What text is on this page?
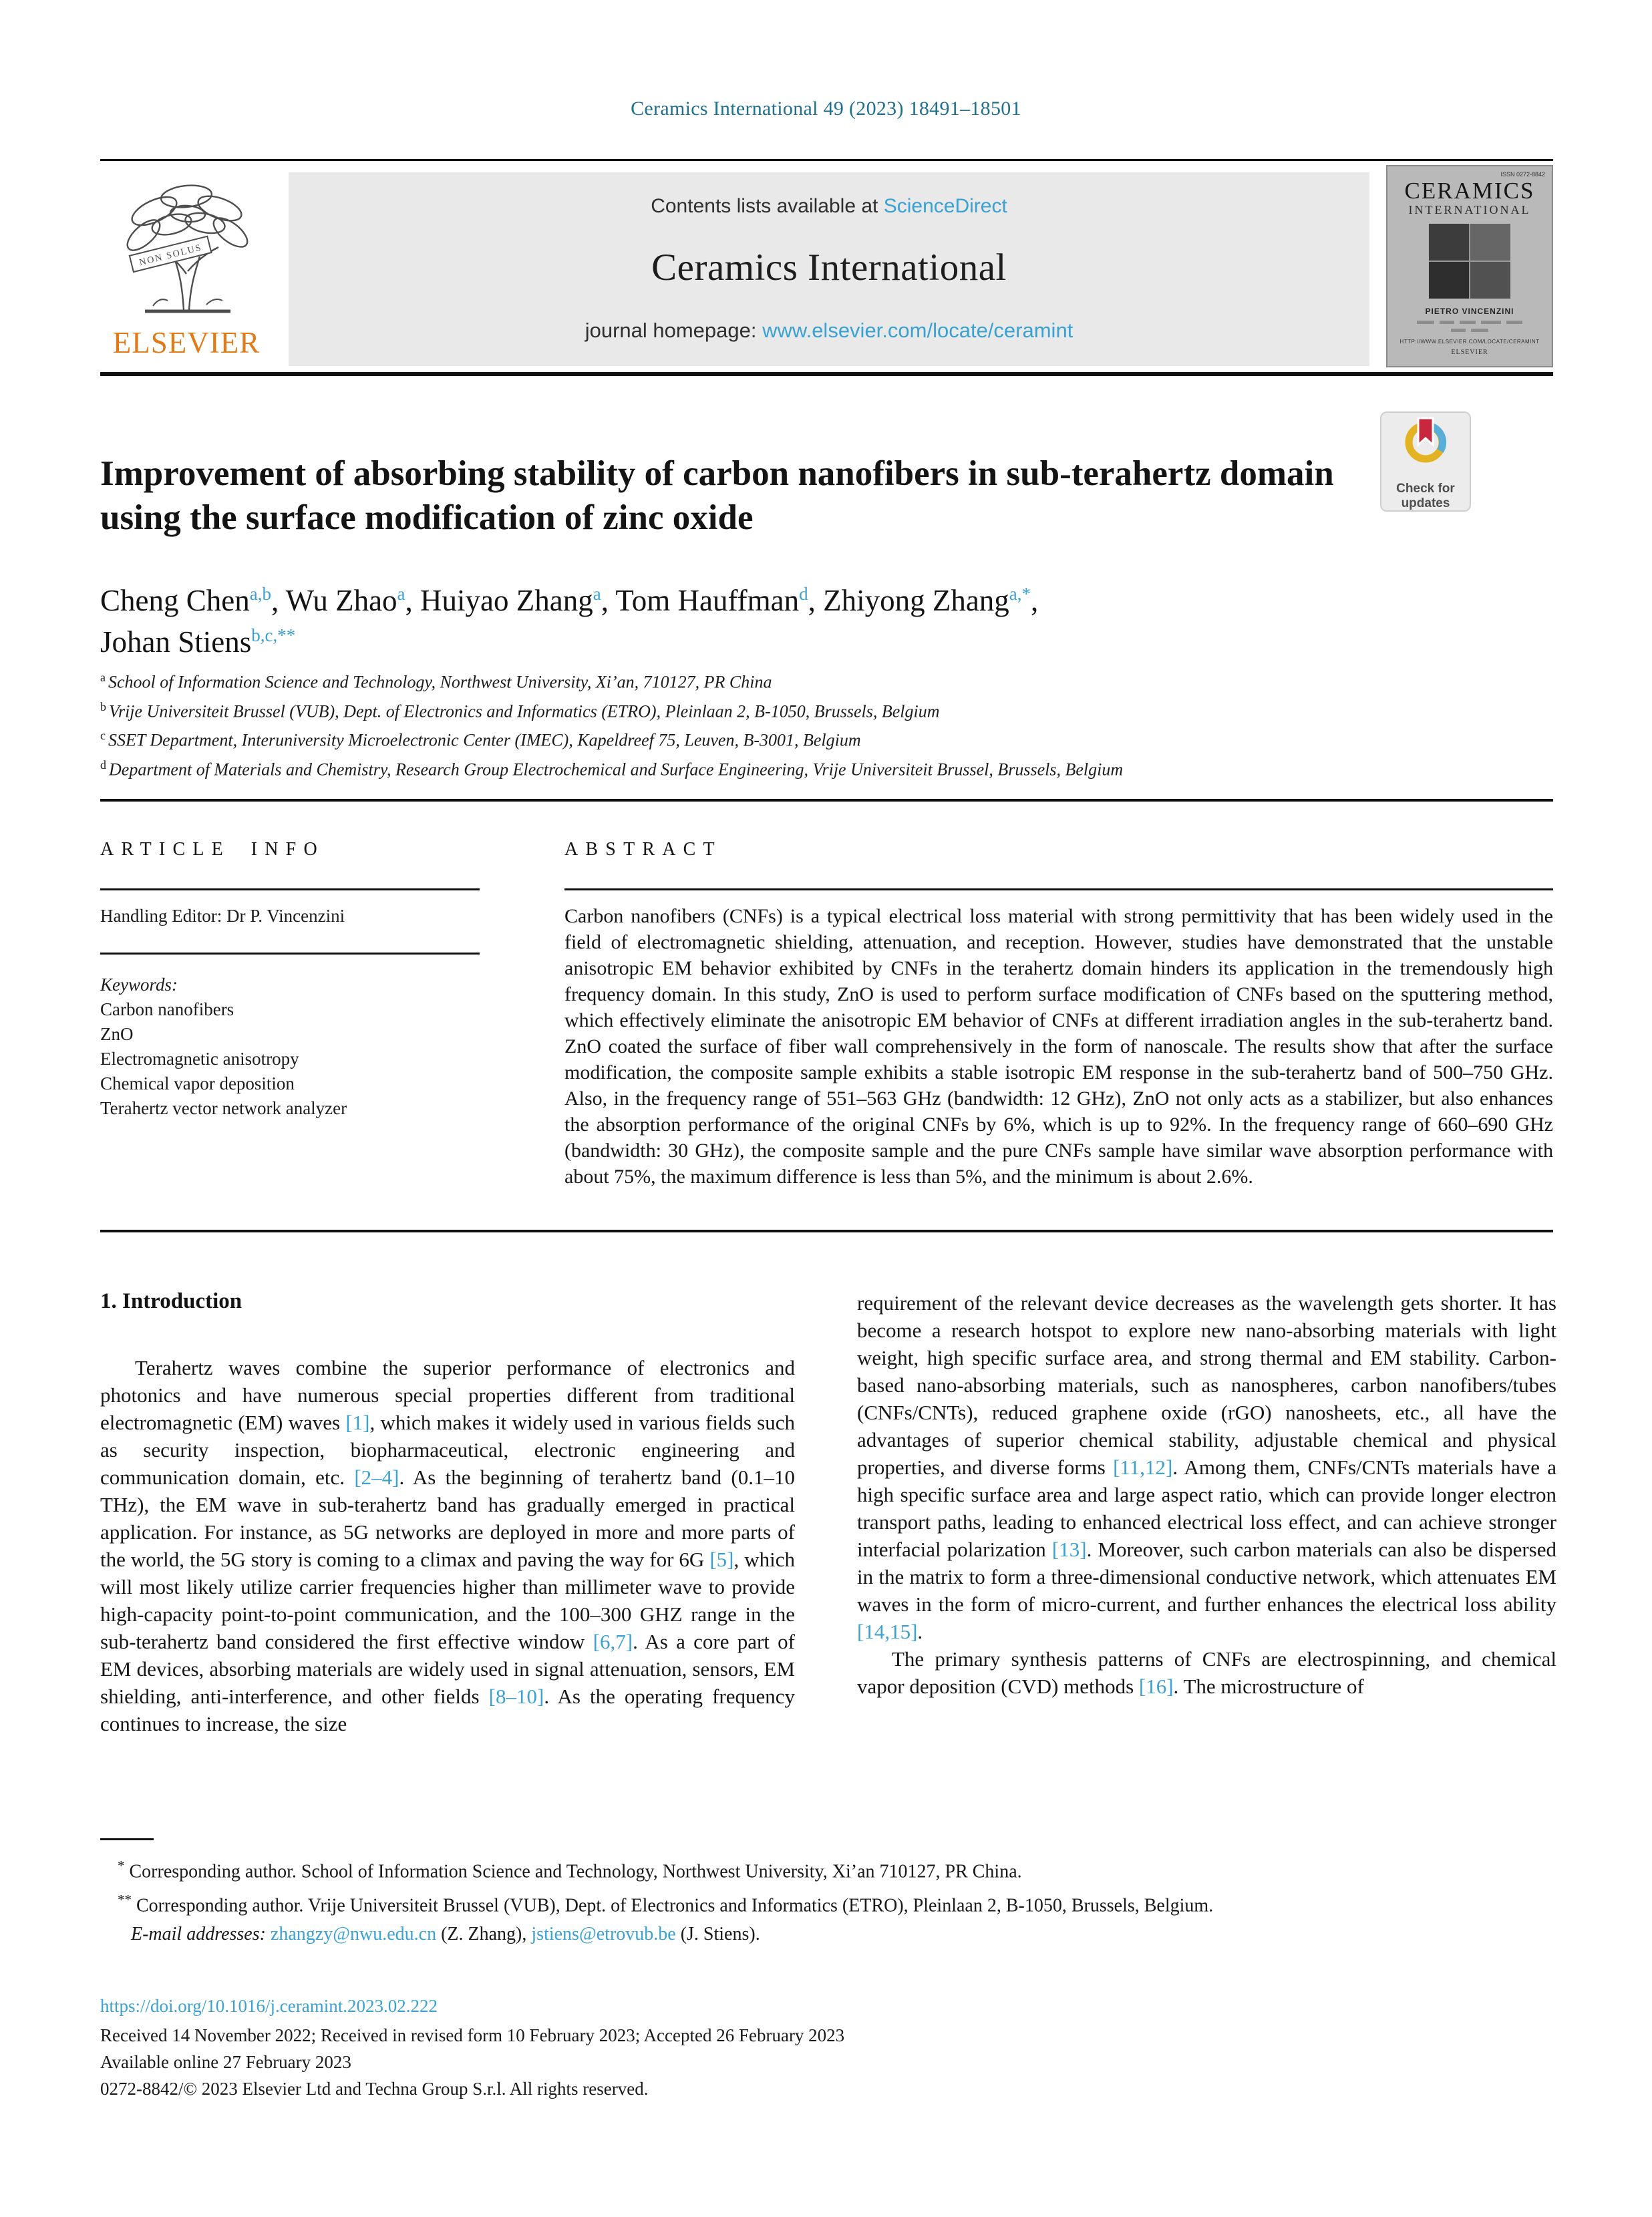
Ceramics International 49 (2023) 18491–18501
NON SOLUS
ELSEVIER
Contents lists available at ScienceDirect
Ceramics International
journal homepage: www.elsevier.com/locate/ceramint
ISSN 0272-8842
CERAMICS
INTERNATIONAL
PIETRO VINCENZINI
HTTP://WWW.ELSEVIER.COM/LOCATE/CERAMINT
ELSEVIER
Improvement of absorbing stability of carbon nanofibers in sub-terahertz domain using the surface modification of zinc oxide
Check for
updates
Cheng Chen$^{a,b}$, Wu Zhao$^a$, Huiyao Zhang$^a$, Tom Hauffman$^d$, Zhiyong Zhang$^{a,*}$,
Johan Stiens$^{b,c,**}$
$^a$ School of Information Science and Technology, Northwest University, Xi’an, 710127, PR China
$^b$ Vrije Universiteit Brussel (VUB), Dept. of Electronics and Informatics (ETRO), Pleinlaan 2, B-1050, Brussels, Belgium
$^c$ SSET Department, Interuniversity Microelectronic Center (IMEC), Kapeldreef 75, Leuven, B-3001, Belgium
$^d$ Department of Materials and Chemistry, Research Group Electrochemical and Surface Engineering, Vrije Universiteit Brussel, Brussels, Belgium
ARTICLE INFO
Handling Editor: Dr P. Vincenzini
Keywords:
Carbon nanofibers
ZnO
Electromagnetic anisotropy
Chemical vapor deposition
Terahertz vector network analyzer
ABSTRACT
Carbon nanofibers (CNFs) is a typical electrical loss material with strong permittivity that has been widely used in the field of electromagnetic shielding, attenuation, and reception. However, studies have demonstrated that the unstable anisotropic EM behavior exhibited by CNFs in the terahertz domain hinders its application in the tremendously high frequency domain. In this study, ZnO is used to perform surface modification of CNFs based on the sputtering method, which effectively eliminate the anisotropic EM behavior of CNFs at different irradiation angles in the sub-terahertz band. ZnO coated the surface of fiber wall comprehensively in the form of nanoscale. The results show that after the surface modification, the composite sample exhibits a stable isotropic EM response in the sub-terahertz band of 500–750 GHz. Also, in the frequency range of 551–563 GHz (bandwidth: 12 GHz), ZnO not only acts as a stabilizer, but also enhances the absorption performance of the original CNFs by 6%, which is up to 92%. In the frequency range of 660–690 GHz (bandwidth: 30 GHz), the composite sample and the pure CNFs sample have similar wave absorption performance with about 75%, the maximum difference is less than 5%, and the minimum is about 2.6%.
1. Introduction

Terahertz waves combine the superior performance of electronics and photonics and have numerous special properties different from traditional electromagnetic (EM) waves [1], which makes it widely used in various fields such as security inspection, biopharmaceutical, electronic engineering and communication domain, etc. [2–4]. As the beginning of terahertz band (0.1–10 THz), the EM wave in sub-terahertz band has gradually emerged in practical application. For instance, as 5G networks are deployed in more and more parts of the world, the 5G story is coming to a climax and paving the way for 6G [5], which will most likely utilize carrier frequencies higher than millimeter wave to provide high-capacity point-to-point communication, and the 100–300 GHZ range in the sub-terahertz band considered the first effective window [6,7]. As a core part of EM devices, absorbing materials are widely used in signal attenuation, sensors, EM shielding, anti-interference, and other fields [8–10]. As the operating frequency continues to increase, the size

requirement of the relevant device decreases as the wavelength gets shorter. It has become a research hotspot to explore new nano-absorbing materials with light weight, high specific surface area, and strong thermal and EM stability. Carbon-based nano-absorbing materials, such as nanospheres, carbon nanofibers/tubes (CNFs/CNTs), reduced graphene oxide (rGO) nanosheets, etc., all have the advantages of superior chemical stability, adjustable chemical and physical properties, and diverse forms [11,12]. Among them, CNFs/CNTs materials have a high specific surface area and large aspect ratio, which can provide longer electron transport paths, leading to enhanced electrical loss effect, and can achieve stronger interfacial polarization [13]. Moreover, such carbon materials can also be dispersed in the matrix to form a three-dimensional conductive network, which attenuates EM waves in the form of micro-current, and further enhances the electrical loss ability [14,15].

The primary synthesis patterns of CNFs are electrospinning, and chemical vapor deposition (CVD) methods [16]. The microstructure of

* Corresponding author. School of Information Science and Technology, Northwest University, Xi’an 710127, PR China.
** Corresponding author. Vrije Universiteit Brussel (VUB), Dept. of Electronics and Informatics (ETRO), Pleinlaan 2, B-1050, Brussels, Belgium.
E-mail addresses: zhangzy@nwu.edu.cn (Z. Zhang), jstiens@etrovub.be (J. Stiens).
https://doi.org/10.1016/j.ceramint.2023.02.222
Received 14 November 2022; Received in revised form 10 February 2023; Accepted 26 February 2023
Available online 27 February 2023
0272-8842/© 2023 Elsevier Ltd and Techna Group S.r.l. All rights reserved.
